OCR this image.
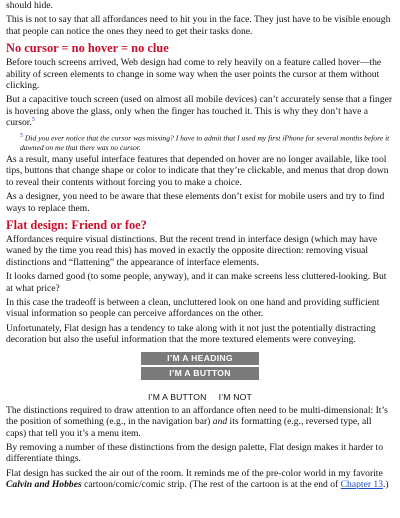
should hide.

This is not to say that all affordances need to hit you in the face. They just have to be visible enough that people can notice the ones they need to get their tasks done.

No cursor = no hover = no clue

Before touch screens arrived, Web design had come to rely heavily on a feature called hover—the ability of screen elements to change in some way when the user points the cursor at them without clicking.

But a capacitive touch screen (used on almost all mobile devices) can’t accurately sense that a finger is hovering above the glass, only when the finger has touched it. This is why they don’t have a cursor.$^5$

$^5$ Did you ever notice that the cursor was missing? I have to admit that I used my first iPhone for several months before it dawned on me that there was no cursor.

As a result, many useful interface features that depended on hover are no longer available, like tool tips, buttons that change shape or color to indicate that they’re clickable, and menus that drop down to reveal their contents without forcing you to make a choice.

As a designer, you need to be aware that these elements don’t exist for mobile users and try to find ways to replace them.

Flat design: Friend or foe?

Affordances require visual distinctions. But the recent trend in interface design (which may have waned by the time you read this) has moved in exactly the opposite direction: removing visual distinctions and “flattening” the appearance of interface elements.

It looks darned good (to some people, anyway), and it can make screens less cluttered-looking. But at what price?

In this case the tradeoff is between a clean, uncluttered look on one hand and providing sufficient visual information so people can perceive affordances on the other.

Unfortunately, Flat design has a tendency to take along with it not just the potentially distracting decoration but also the useful information that the more textured elements were conveying.

I’M A HEADING
I’M A BUTTON
I’M A BUTTON I’M NOT

The distinctions required to draw attention to an affordance often need to be multi-dimensional: It’s the position of something (e.g., in the navigation bar) and its formatting (e.g., reversed type, all caps) that tell you it’s a menu item.

By removing a number of these distinctions from the design palette, Flat design makes it harder to differentiate things.

Flat design has sucked the air out of the room. It reminds me of the pre-color world in my favorite Calvin and Hobbes cartoon/comic/comic strip. (The rest of the cartoon is at the end of Chapter 13.)
